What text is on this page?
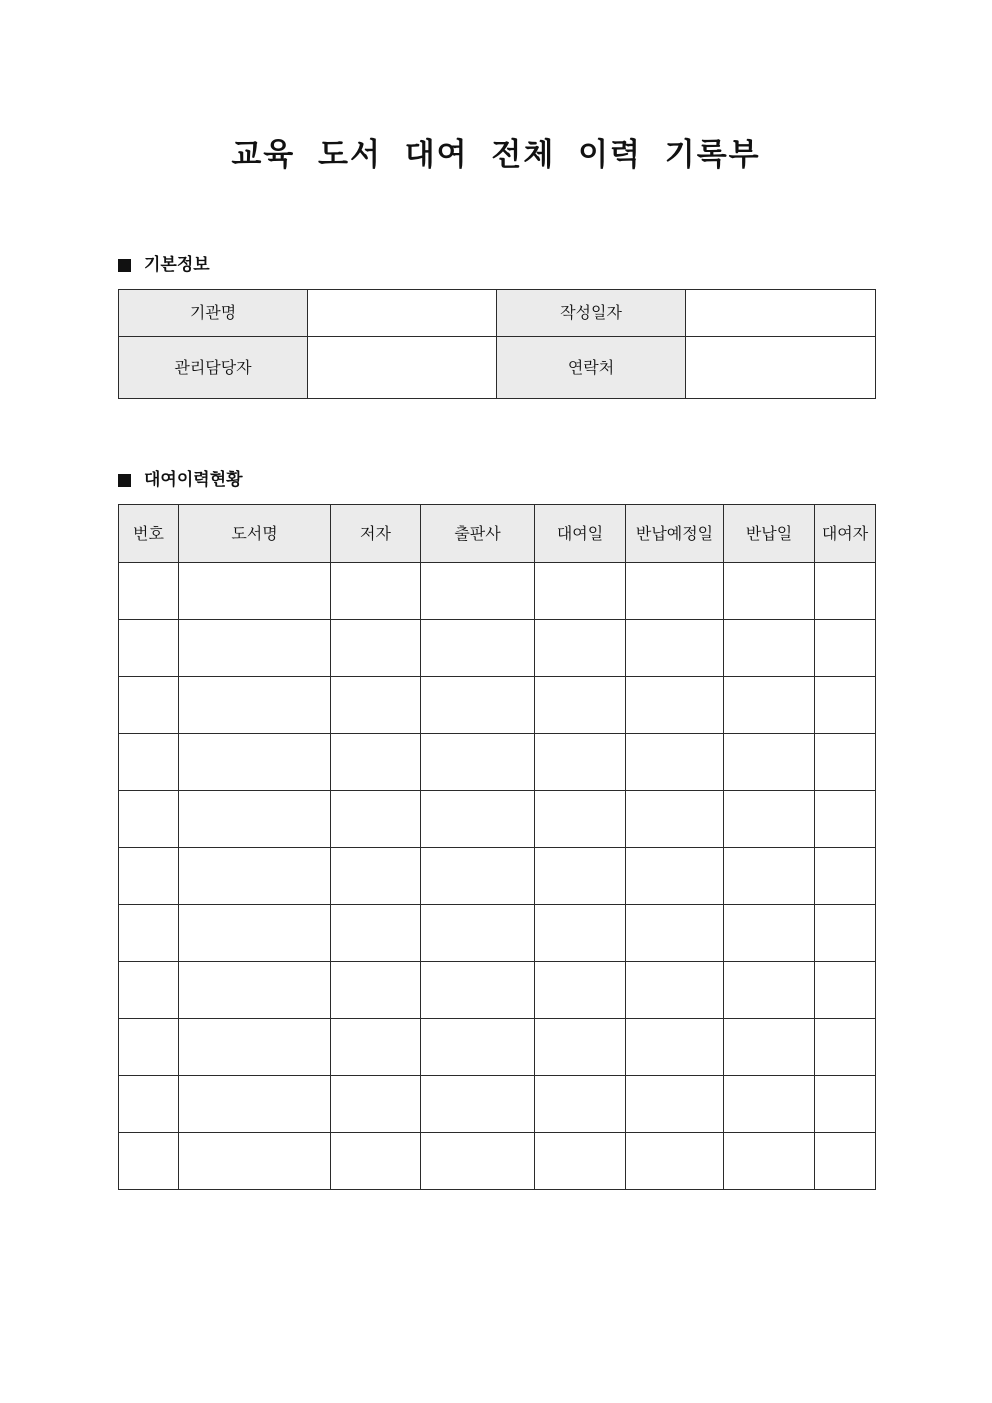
교육 도서 대여 전체 이력 기록부
기본정보
기관명		작성일자	
관리담당자		연락처	
대여이력현황
번호	도서명	저자	출판사	대여일	반납예정일	반납일	대여자
